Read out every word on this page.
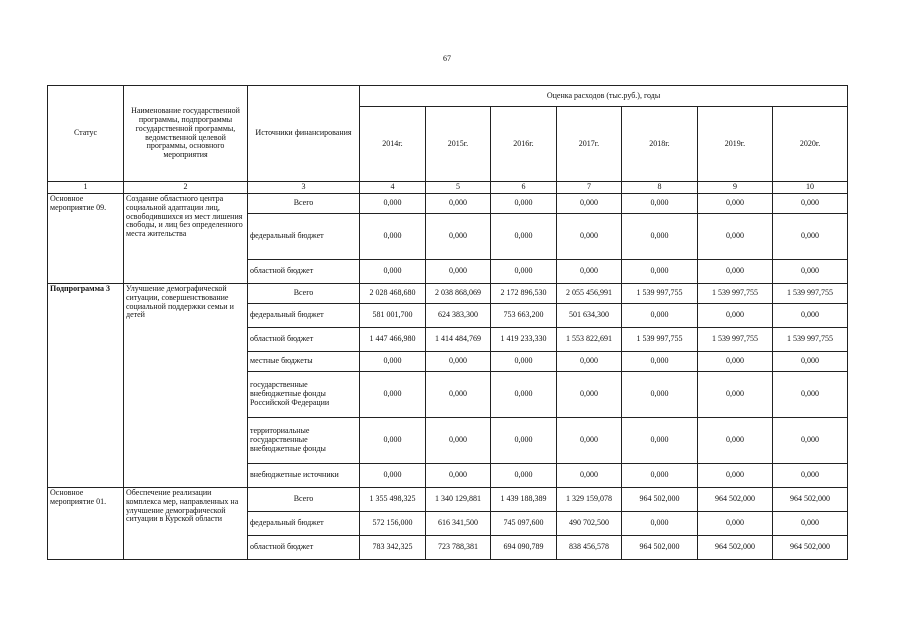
67
Статус	Наименование государственной программы, подпрограммы государственной программы, ведомственной целевой программы, основного мероприятия	Источники финансирования	Оценка расходов (тыс.руб.), годы						
			2014г.	2015г.	2016г.	2017г.	2018г.	2019г.	2020г.
1	2	3	4	5	6	7	8	9	10
Основное мероприятие 09.	Создание областного центра социальной адаптации лиц, освободившихся из мест лишения свободы, и лиц без определенного места жительства	Всего	0,000	0,000	0,000	0,000	0,000	0,000	0,000
		федеральный бюджет	0,000	0,000	0,000	0,000	0,000	0,000	0,000
		областной бюджет	0,000	0,000	0,000	0,000	0,000	0,000	0,000
Подпрограмма 3	Улучшение демографической ситуации, совершенствование социальной поддержки семьи и детей	Всего	2 028 468,680	2 038 868,069	2 172 896,530	2 055 456,991	1 539 997,755	1 539 997,755	1 539 997,755
		федеральный бюджет	581 001,700	624 383,300	753 663,200	501 634,300	0,000	0,000	0,000
		областной бюджет	1 447 466,980	1 414 484,769	1 419 233,330	1 553 822,691	1 539 997,755	1 539 997,755	1 539 997,755
		местные бюджеты	0,000	0,000	0,000	0,000	0,000	0,000	0,000
		государственные внебюджетные фонды Российской Федерации	0,000	0,000	0,000	0,000	0,000	0,000	0,000
		территориальные государственные внебюджетные фонды	0,000	0,000	0,000	0,000	0,000	0,000	0,000
		внебюджетные источники	0,000	0,000	0,000	0,000	0,000	0,000	0,000
Основное мероприятие 01.	Обеспечение реализации комплекса мер, направленных на улучшение демографической ситуации в Курской области	Всего	1 355 498,325	1 340 129,881	1 439 188,389	1 329 159,078	964 502,000	964 502,000	964 502,000
		федеральный бюджет	572 156,000	616 341,500	745 097,600	490 702,500	0,000	0,000	0,000
		областной бюджет	783 342,325	723 788,381	694 090,789	838 456,578	964 502,000	964 502,000	964 502,000
